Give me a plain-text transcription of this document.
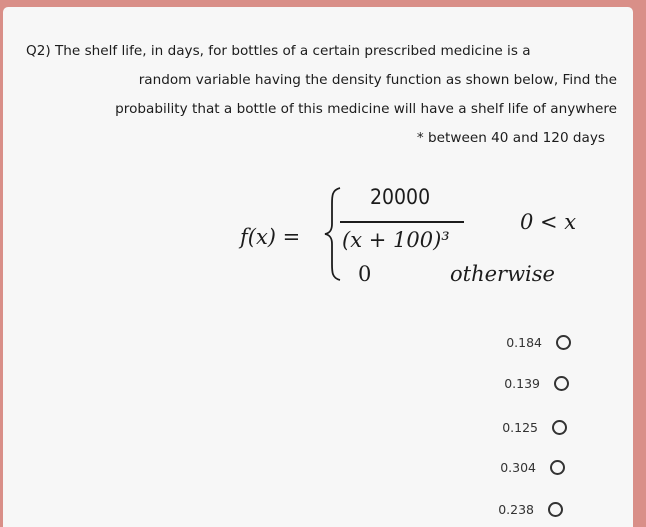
Q2) The shelf life, in days, for bottles of a certain prescribed medicine is a
random variable having the density function as shown below, Find the
probability that a bottle of this medicine will have a shelf life of anywhere
* between 40 and 120 days

f(x) =
20000
(x + 100)³
0 < x
0	otherwise
0.184
0.139
0.125
0.304
0.238
